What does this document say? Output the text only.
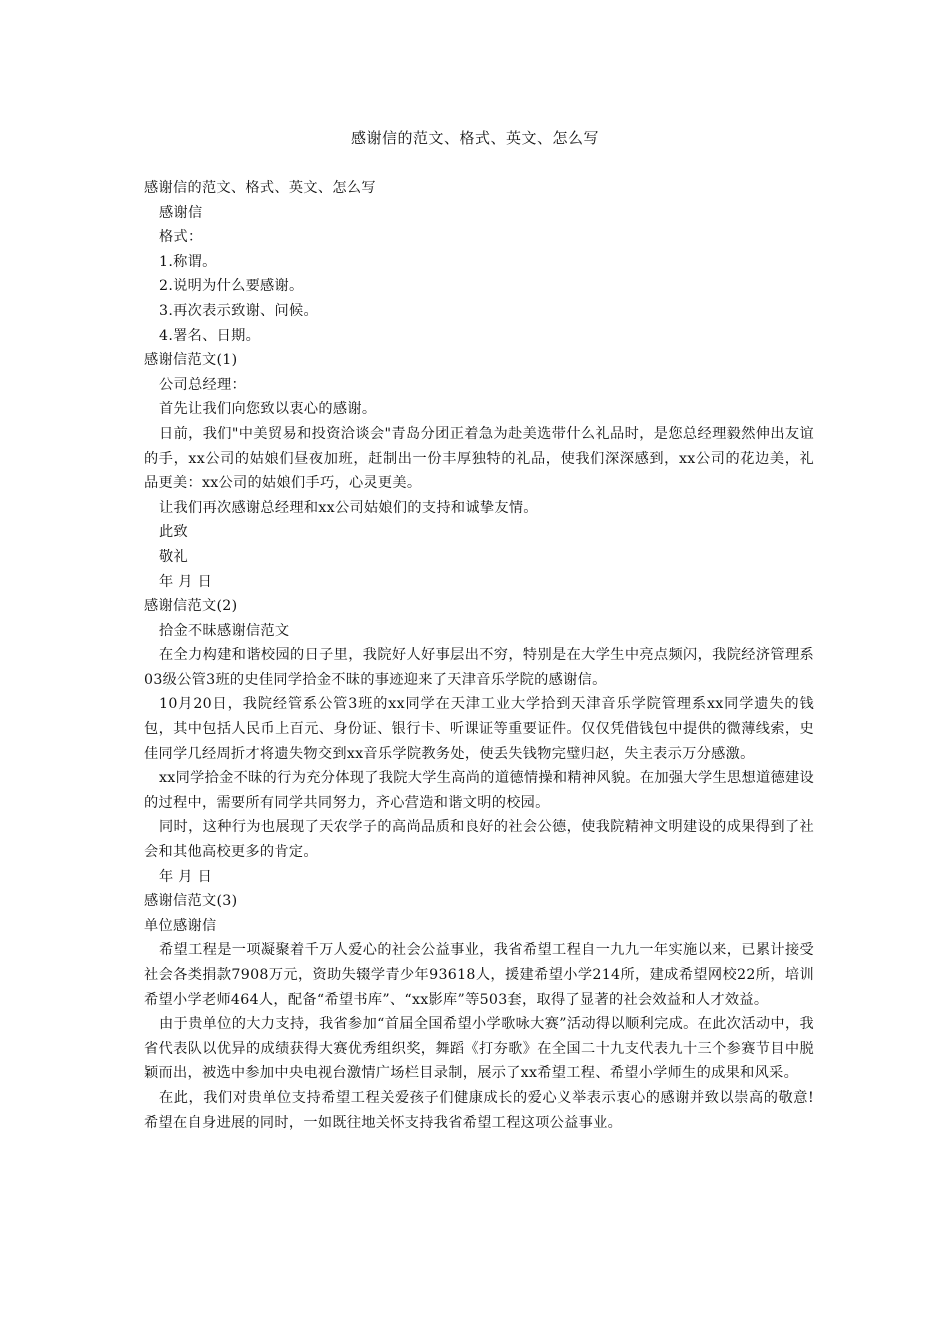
感谢信的范文、格式、英文、怎么写

感谢信的范文、格式、英文、怎么写

感谢信

格式：

1.称谓。

2.说明为什么要感谢。

3.再次表示致谢、问候。

4.署名、日期。

感谢信范文(1)

公司总经理：

首先让我们向您致以衷心的感谢。

日前，我们"中美贸易和投资洽谈会"青岛分团正着急为赴美选带什么礼品时，是您总经理毅然伸出友谊的手，xx公司的姑娘们昼夜加班，赶制出一份丰厚独特的礼品，使我们深深感到，xx公司的花边美，礼品更美：xx公司的姑娘们手巧，心灵更美。

让我们再次感谢总经理和xx公司姑娘们的支持和诚挚友情。

此致

敬礼

年 月 日

感谢信范文(2)

拾金不昧感谢信范文

在全力构建和谐校园的日子里，我院好人好事层出不穷，特别是在大学生中亮点频闪，我院经济管理系03级公管3班的史佳同学拾金不昧的事迹迎来了天津音乐学院的感谢信。

10月20日，我院经管系公管3班的xx同学在天津工业大学拾到天津音乐学院管理系xx同学遗失的钱包，其中包括人民币上百元、身份证、银行卡、听课证等重要证件。仅仅凭借钱包中提供的微薄线索，史佳同学几经周折才将遗失物交到xx音乐学院教务处，使丢失钱物完璧归赵，失主表示万分感激。

xx同学拾金不昧的行为充分体现了我院大学生高尚的道德情操和精神风貌。在加强大学生思想道德建设的过程中，需要所有同学共同努力，齐心营造和谐文明的校园。

同时，这种行为也展现了天农学子的高尚品质和良好的社会公德，使我院精神文明建设的成果得到了社会和其他高校更多的肯定。

年 月 日

感谢信范文(3)

单位感谢信

希望工程是一项凝聚着千万人爱心的社会公益事业，我省希望工程自一九九一年实施以来，已累计接受社会各类捐款7908万元，资助失辍学青少年93618人，援建希望小学214所，建成希望网校22所，培训希望小学老师464人，配备“希望书库”、“xx影库”等503套，取得了显著的社会效益和人才效益。

由于贵单位的大力支持，我省参加“首届全国希望小学歌咏大赛”活动得以顺利完成。在此次活动中，我省代表队以优异的成绩获得大赛优秀组织奖，舞蹈《打夯歌》在全国二十九支代表九十三个参赛节目中脱颖而出，被选中参加中央电视台激情广场栏目录制，展示了xx希望工程、希望小学师生的成果和风采。

在此，我们对贵单位支持希望工程关爱孩子们健康成长的爱心义举表示衷心的感谢并致以崇高的敬意!希望在自身进展的同时，一如既往地关怀支持我省希望工程这项公益事业。
